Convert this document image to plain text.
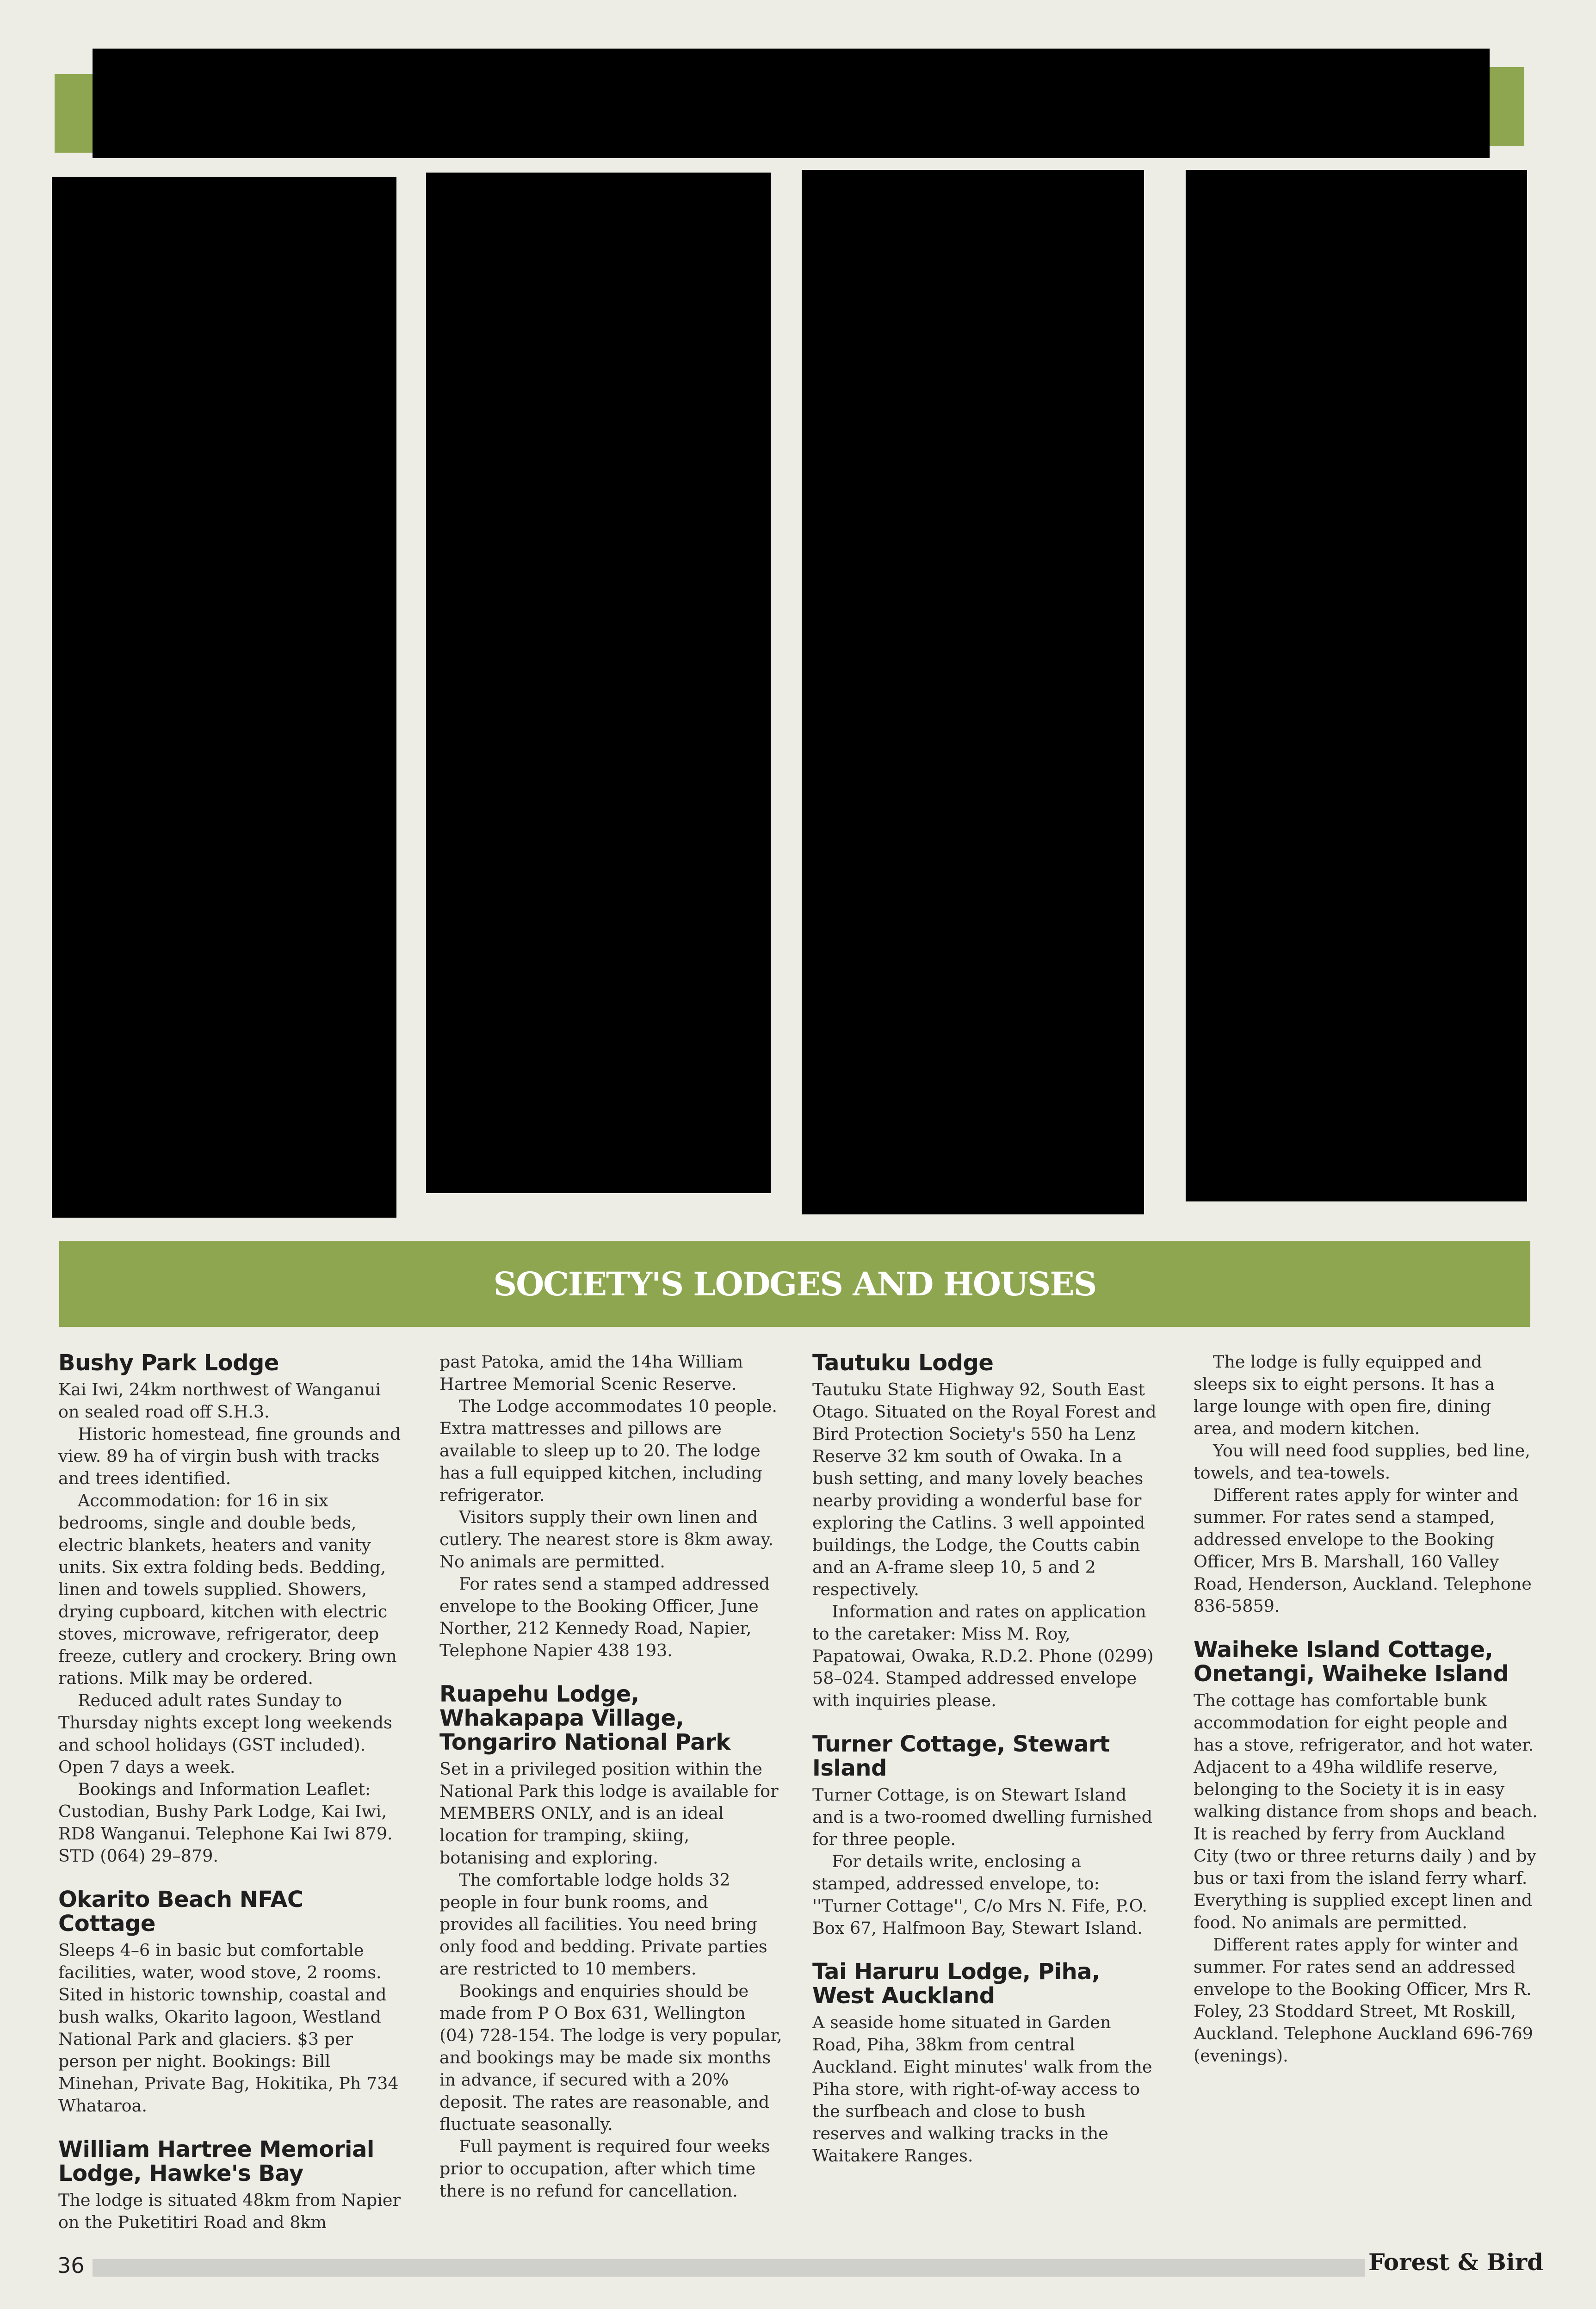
SOCIETY'S LODGES AND HOUSES
Bushy Park Lodge

Kai Iwi, 24km northwest of Wanganui on sealed road off S.H.3.

Historic homestead, fine grounds and view. 89 ha of virgin bush with tracks and trees identified.

Accommodation: for 16 in six bedrooms, single and double beds, electric blankets, heaters and vanity units. Six extra folding beds. Bedding, linen and towels supplied. Showers, drying cupboard, kitchen with electric stoves, microwave, refrigerator, deep freeze, cutlery and crockery. Bring own rations. Milk may be ordered.

Reduced adult rates Sunday to Thursday nights except long weekends and school holidays (GST included). Open 7 days a week.

Bookings and Information Leaflet: Custodian, Bushy Park Lodge, Kai Iwi, RD8 Wanganui. Telephone Kai Iwi 879. STD (064) 29–879.

Okarito Beach NFAC Cottage

Sleeps 4–6 in basic but comfortable facilities, water, wood stove, 2 rooms. Sited in historic township, coastal and bush walks, Okarito lagoon, Westland National Park and glaciers. $3 per person per night. Bookings: Bill Minehan, Private Bag, Hokitika, Ph 734 Whataroa.

William Hartree Memorial Lodge, Hawke's Bay

The lodge is situated 48km from Napier on the Puketitiri Road and 8km

past Patoka, amid the 14ha William Hartree Memorial Scenic Reserve.

The Lodge accommodates 10 people. Extra mattresses and pillows are available to sleep up to 20. The lodge has a full equipped kitchen, including refrigerator.

Visitors supply their own linen and cutlery. The nearest store is 8km away. No animals are permitted.

For rates send a stamped addressed envelope to the Booking Officer, June Norther, 212 Kennedy Road, Napier, Telephone Napier 438 193.

Ruapehu Lodge, Whakapapa Village, Tongariro National Park

Set in a privileged position within the National Park this lodge is available for MEMBERS ONLY, and is an ideal location for tramping, skiing, botanising and exploring.

The comfortable lodge holds 32 people in four bunk rooms, and provides all facilities. You need bring only food and bedding. Private parties are restricted to 10 members.

Bookings and enquiries should be made from P O Box 631, Wellington (04) 728-154. The lodge is very popular, and bookings may be made six months in advance, if secured with a 20% deposit. The rates are reasonable, and fluctuate seasonally.

Full payment is required four weeks prior to occupation, after which time there is no refund for cancellation.

Tautuku Lodge

Tautuku State Highway 92, South East Otago. Situated on the Royal Forest and Bird Protection Society's 550 ha Lenz Reserve 32 km south of Owaka. In a bush setting, and many lovely beaches nearby providing a wonderful base for exploring the Catlins. 3 well appointed buildings, the Lodge, the Coutts cabin and an A-frame sleep 10, 5 and 2 respectively.

Information and rates on application to the caretaker: Miss M. Roy, Papatowai, Owaka, R.D.2. Phone (0299) 58–024. Stamped addressed envelope with inquiries please.

Turner Cottage, Stewart Island

Turner Cottage, is on Stewart Island and is a two-roomed dwelling furnished for three people.

For details write, enclosing a stamped, addressed envelope, to: ''Turner Cottage'', C/o Mrs N. Fife, P.O. Box 67, Halfmoon Bay, Stewart Island.

Tai Haruru Lodge, Piha, West Auckland

A seaside home situated in Garden Road, Piha, 38km from central Auckland. Eight minutes' walk from the Piha store, with right-of-way access to the surfbeach and close to bush reserves and walking tracks in the Waitakere Ranges.

The lodge is fully equipped and sleeps six to eight persons. It has a large lounge with open fire, dining area, and modern kitchen.

You will need food supplies, bed line, towels, and tea-towels.

Different rates apply for winter and summer. For rates send a stamped, addressed envelope to the Booking Officer, Mrs B. Marshall, 160 Valley Road, Henderson, Auckland. Telephone 836-5859.

Waiheke Island Cottage, Onetangi, Waiheke Island

The cottage has comfortable bunk accommodation for eight people and has a stove, refrigerator, and hot water. Adjacent to a 49ha wildlife reserve, belonging to the Society it is in easy walking distance from shops and beach. It is reached by ferry from Auckland City (two or three returns daily ) and by bus or taxi from the island ferry wharf. Everything is supplied except linen and food. No animals are permitted.

Different rates apply for winter and summer. For rates send an addressed envelope to the Booking Officer, Mrs R. Foley, 23 Stoddard Street, Mt Roskill, Auckland. Telephone Auckland 696-769 (evenings).

36	Forest & Bird
